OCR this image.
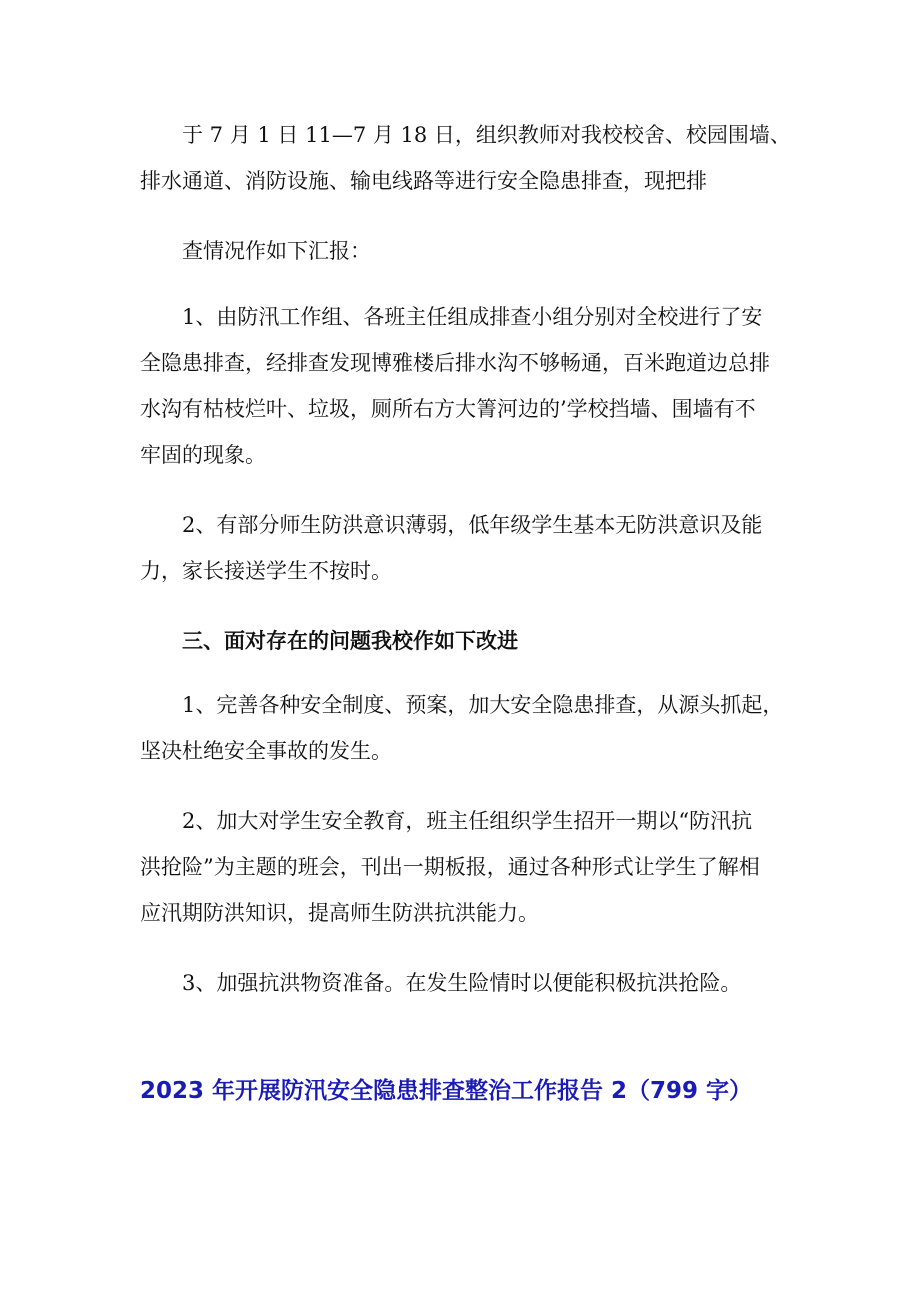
于 7 月 1 日 11—7 月 18 日，组织教师对我校校舍、校园围墙、
排水通道、消防设施、输电线路等进行安全隐患排查，现把排

查情况作如下汇报：

1、由防汛工作组、各班主任组成排查小组分别对全校进行了安
全隐患排查，经排查发现博雅楼后排水沟不够畅通，百米跑道边总排
水沟有枯枝烂叶、垃圾，厕所右方大箐河边的’学校挡墙、围墙有不
牢固的现象。

2、有部分师生防洪意识薄弱，低年级学生基本无防洪意识及能
力，家长接送学生不按时。

三、面对存在的问题我校作如下改进

1、完善各种安全制度、预案，加大安全隐患排查，从源头抓起，
坚决杜绝安全事故的发生。

2、加大对学生安全教育，班主任组织学生招开一期以“防汛抗
洪抢险”为主题的班会，刊出一期板报，通过各种形式让学生了解相
应汛期防洪知识，提高师生防洪抗洪能力。

3、加强抗洪物资准备。在发生险情时以便能积极抗洪抢险。

2023 年开展防汛安全隐患排查整治工作报告 2（799 字）
